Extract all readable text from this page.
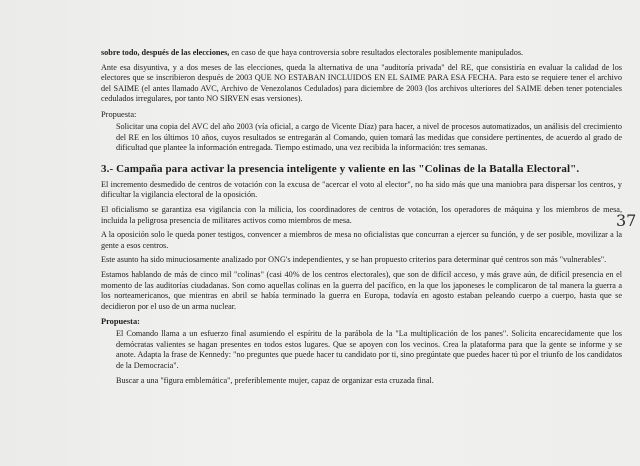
sobre todo, después de las elecciones, en caso de que haya controversia sobre resultados electorales posiblemente manipulados.

Ante esa disyuntiva, y a dos meses de las elecciones, queda la alternativa de una "auditoría privada" del RE, que consistiría en evaluar la calidad de los electores que se inscribieron después de 2003 QUE NO ESTABAN INCLUIDOS EN EL SAIME PARA ESA FECHA. Para esto se requiere tener el archivo del SAIME (el antes llamado AVC, Archivo de Venezolanos Cedulados) para diciembre de 2003 (los archivos ulteriores del SAIME deben tener potenciales cedulados irregulares, por tanto NO SIRVEN esas versiones).

Propuesta:

Solicitar una copia del AVC del año 2003 (vía oficial, a cargo de Vicente Díaz) para hacer, a nivel de procesos automatizados, un análisis del crecimiento del RE en los últimos 10 años, cuyos resultados se entregarán al Comando, quien tomará las medidas que considere pertinentes, de acuerdo al grado de dificultad que plantee la información entregada. Tiempo estimado, una vez recibida la información: tres semanas.

3.- Campaña para activar la presencia inteligente y valiente en las "Colinas de la Batalla Electoral".

El incremento desmedido de centros de votación con la excusa de "acercar el voto al elector", no ha sido más que una maniobra para dispersar los centros, y dificultar la vigilancia electoral de la oposición.

El oficialismo se garantiza esa vigilancia con la milicia, los coordinadores de centros de votación, los operadores de máquina y los miembros de mesa, incluida la peligrosa presencia de militares activos como miembros de mesa.

A la oposición solo le queda poner testigos, convencer a miembros de mesa no oficialistas que concurran a ejercer su función, y de ser posible, movilizar a la gente a esos centros.

Este asunto ha sido minuciosamente analizado por ONG's independientes, y se han propuesto criterios para determinar qué centros son más "vulnerables".

Estamos hablando de más de cinco mil "colinas" (casi 40% de los centros electorales), que son de difícil acceso, y más grave aún, de difícil presencia en el momento de las auditorías ciudadanas. Son como aquellas colinas en la guerra del pacífico, en la que los japoneses le complicaron de tal manera la guerra a los norteamericanos, que mientras en abril se había terminado la guerra en Europa, todavía en agosto estaban peleando cuerpo a cuerpo, hasta que se decidieron por el uso de un arma nuclear.

Propuesta:

El Comando llama a un esfuerzo final asumiendo el espíritu de la parábola de la "La multiplicación de los panes". Solicita encarecidamente que los demócratas valientes se hagan presentes en todos estos lugares. Que se apoyen con los vecinos. Crea la plataforma para que la gente se informe y se anote. Adapta la frase de Kennedy: "no preguntes que puede hacer tu candidato por ti, sino pregúntate que puedes hacer tú por el triunfo de los candidatos de la Democracia".

Buscar a una "figura emblemática", preferiblemente mujer, capaz de organizar esta cruzada final.

37
